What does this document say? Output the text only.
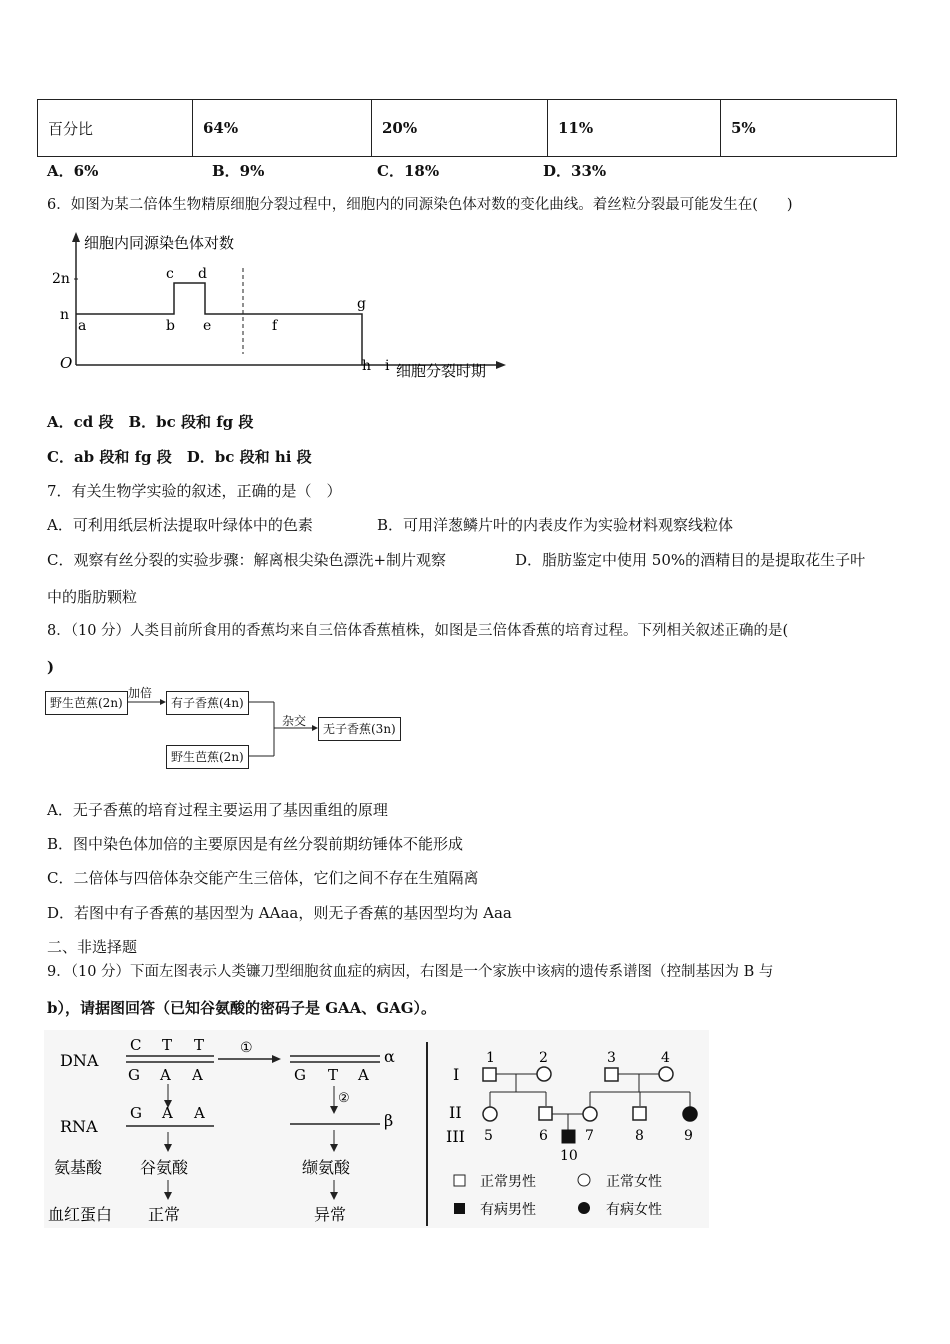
百分比	64%	20%	11%	5%
A．6%	B．9%	C．18%	D．33%
6．如图为某二倍体生物精原细胞分裂过程中，细胞内的同源染色体对数的变化曲线。着丝粒分裂最可能发生在(　　)
细胞内同源染色体对数
2n
n
O
a	b
c d
e	f
g
h i 细胞分裂时期
A．cd 段　B．bc 段和 fg 段
C．ab 段和 fg 段　D．bc 段和 hi 段
7．有关生物学实验的叙述，正确的是（　）
A．可利用纸层析法提取叶绿体中的色素	B．可用洋葱鳞片叶的内表皮作为实验材料观察线粒体
C．观察有丝分裂的实验步骤：解离根尖染色漂洗+制片观察	D．脂肪鉴定中使用 50%的酒精目的是提取花生子叶
中的脂肪颗粒
8．（10 分）人类目前所食用的香蕉均来自三倍体香蕉植株，如图是三倍体香蕉的培育过程。下列相关叙述正确的是(
)
野生芭蕉(2n)
加倍
有子香蕉(4n)
野生芭蕉(2n)
杂交
无子香蕉(3n)
A．无子香蕉的培育过程主要运用了基因重组的原理
B．图中染色体加倍的主要原因是有丝分裂前期纺锤体不能形成
C．二倍体与四倍体杂交能产生三倍体，它们之间不存在生殖隔离
D．若图中有子香蕉的基因型为 AAaa，则无子香蕉的基因型均为 Aaa
二、非选择题
9．（10 分）下面左图表示人类镰刀型细胞贫血症的病因，右图是一个家族中该病的遗传系谱图（控制基因为 B 与
b），请据图回答（已知谷氨酸的密码子是 GAA、GAG）。
DNA
RNA
氨基酸
血红蛋白
C T T
G A A
①	α
G T A
②
β
G A A
谷氨酸
正常
缬氨酸
异常
I
II
III
1	2	3	4
5	6	7	8	9
10
正常男性	正常女性
有病男性	有病女性
